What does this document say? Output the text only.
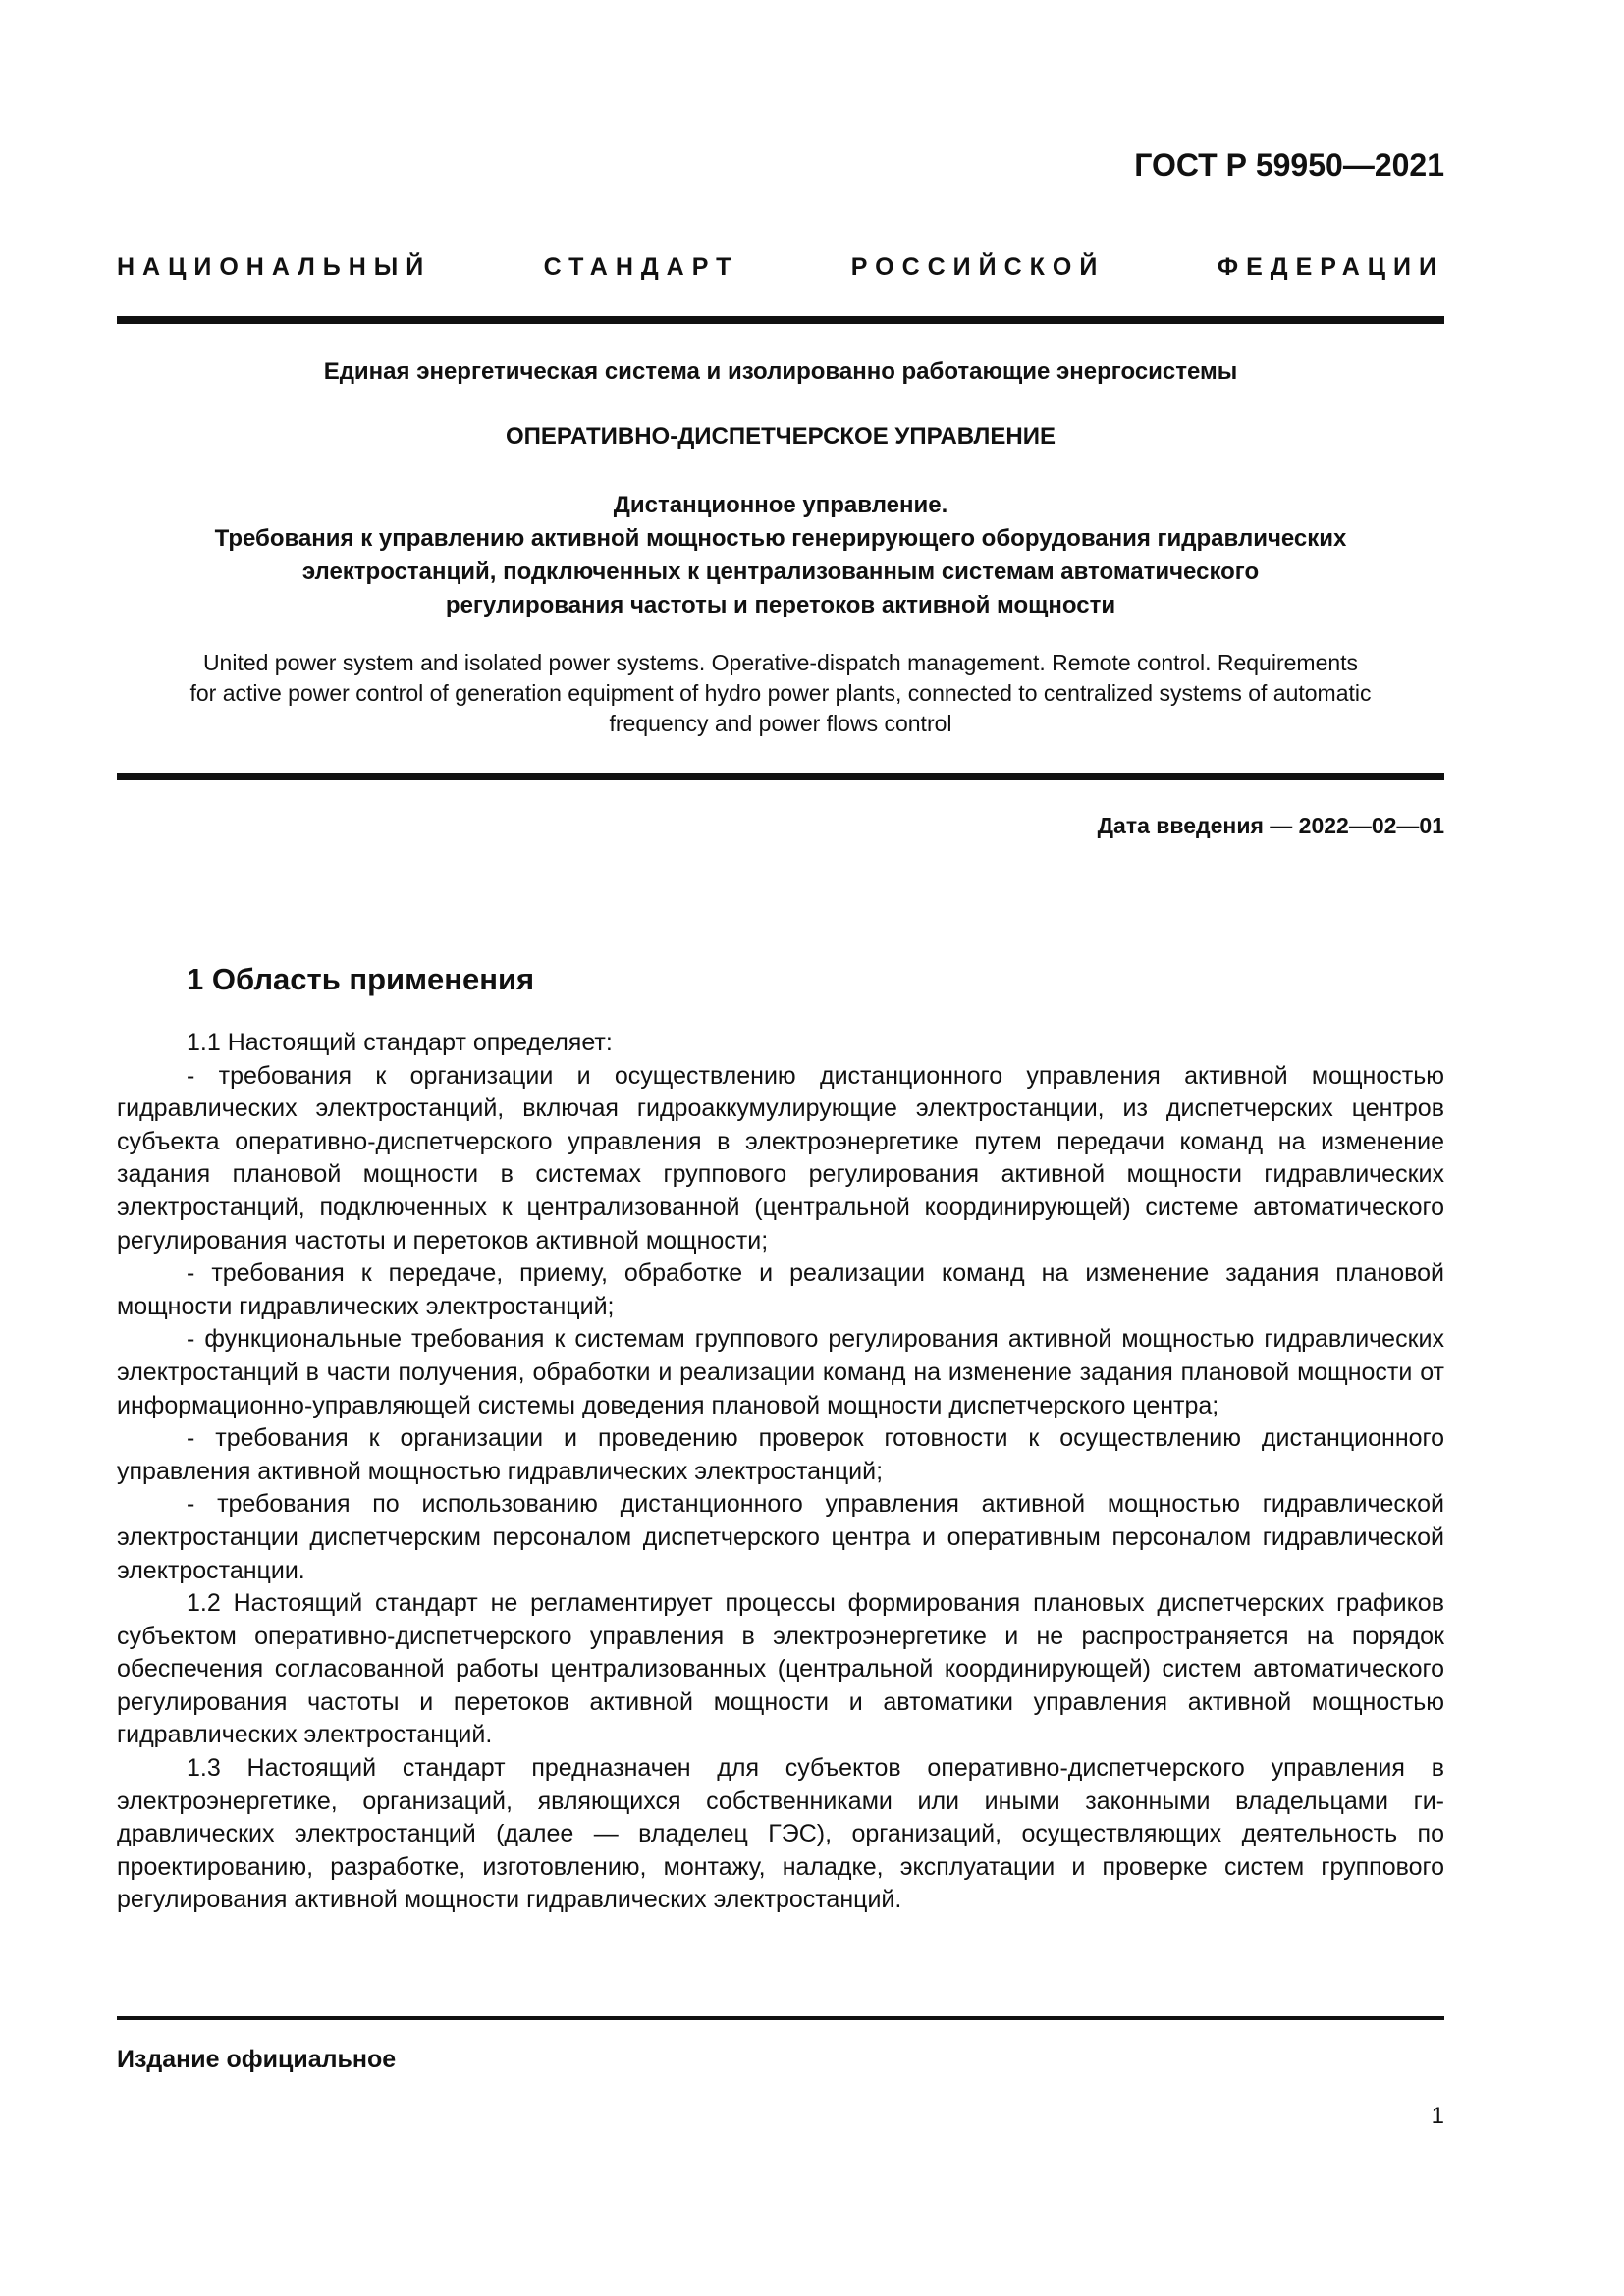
ГОСТ Р 59950—2021

НАЦИОНАЛЬНЫЙ СТАНДАРТ РОССИЙСКОЙ ФЕДЕРАЦИИ

Единая энергетическая система и изолированно работающие энергосистемы

ОПЕРАТИВНО-ДИСПЕТЧЕРСКОЕ УПРАВЛЕНИЕ

Дистанционное управление.
Требования к управлению активной мощностью генерирующего оборудования гидравлических
электростанций, подключенных к централизованным системам автоматического
регулирования частоты и перетоков активной мощности
United power system and isolated power systems. Operative-dispatch management. Remote control. Requirements
for active power control of generation equipment of hydro power plants, connected to centralized systems of automatic
frequency and power flows control

Дата введения — 2022—02—01

1 Область применения

1.1 Настоящий стандарт определяет:

- требования к организации и осуществлению дистанционного управления активной мощностью гидравлических электростанций, включая гидроаккумулирующие электростанции, из диспетчерских центров субъекта оперативно-диспетчерского управления в электроэнергетике путем передачи команд на изменение задания плановой мощности в системах группового регулирования активной мощности гидравлических электростанций, подключенных к централизованной (центральной координирующей) системе автоматического регулирования частоты и перетоков активной мощности;

- требования к передаче, приему, обработке и реализации команд на изменение задания плановой мощности гидравлических электростанций;

- функциональные требования к системам группового регулирования активной мощностью гидравлических электростанций в части получения, обработки и реализации команд на изменение задания плановой мощности от информационно-управляющей системы доведения плановой мощности диспетчерского центра;

- требования к организации и проведению проверок готовности к осуществлению дистанционного управления активной мощностью гидравлических электростанций;

- требования по использованию дистанционного управления активной мощностью гидравлической электростанции диспетчерским персоналом диспетчерского центра и оперативным персоналом гидравлической электростанции.

1.2 Настоящий стандарт не регламентирует процессы формирования плановых диспетчерских графиков субъектом оперативно-диспетчерского управления в электроэнергетике и не распространяется на порядок обеспечения согласованной работы централизованных (центральной координирующей) систем автоматического регулирования частоты и перетоков активной мощности и автоматики управления активной мощностью гидравлических электростанций.

1.3 Настоящий стандарт предназначен для субъектов оперативно-диспетчерского управления в электроэнергетике, организаций, являющихся собственниками или иными законными владельцами гидравлических электростанций (далее — владелец ГЭС), организаций, осуществляющих деятельность по проектированию, разработке, изготовлению, монтажу, наладке, эксплуатации и проверке систем группового регулирования активной мощности гидравлических электростанций.

Издание официальное

1
